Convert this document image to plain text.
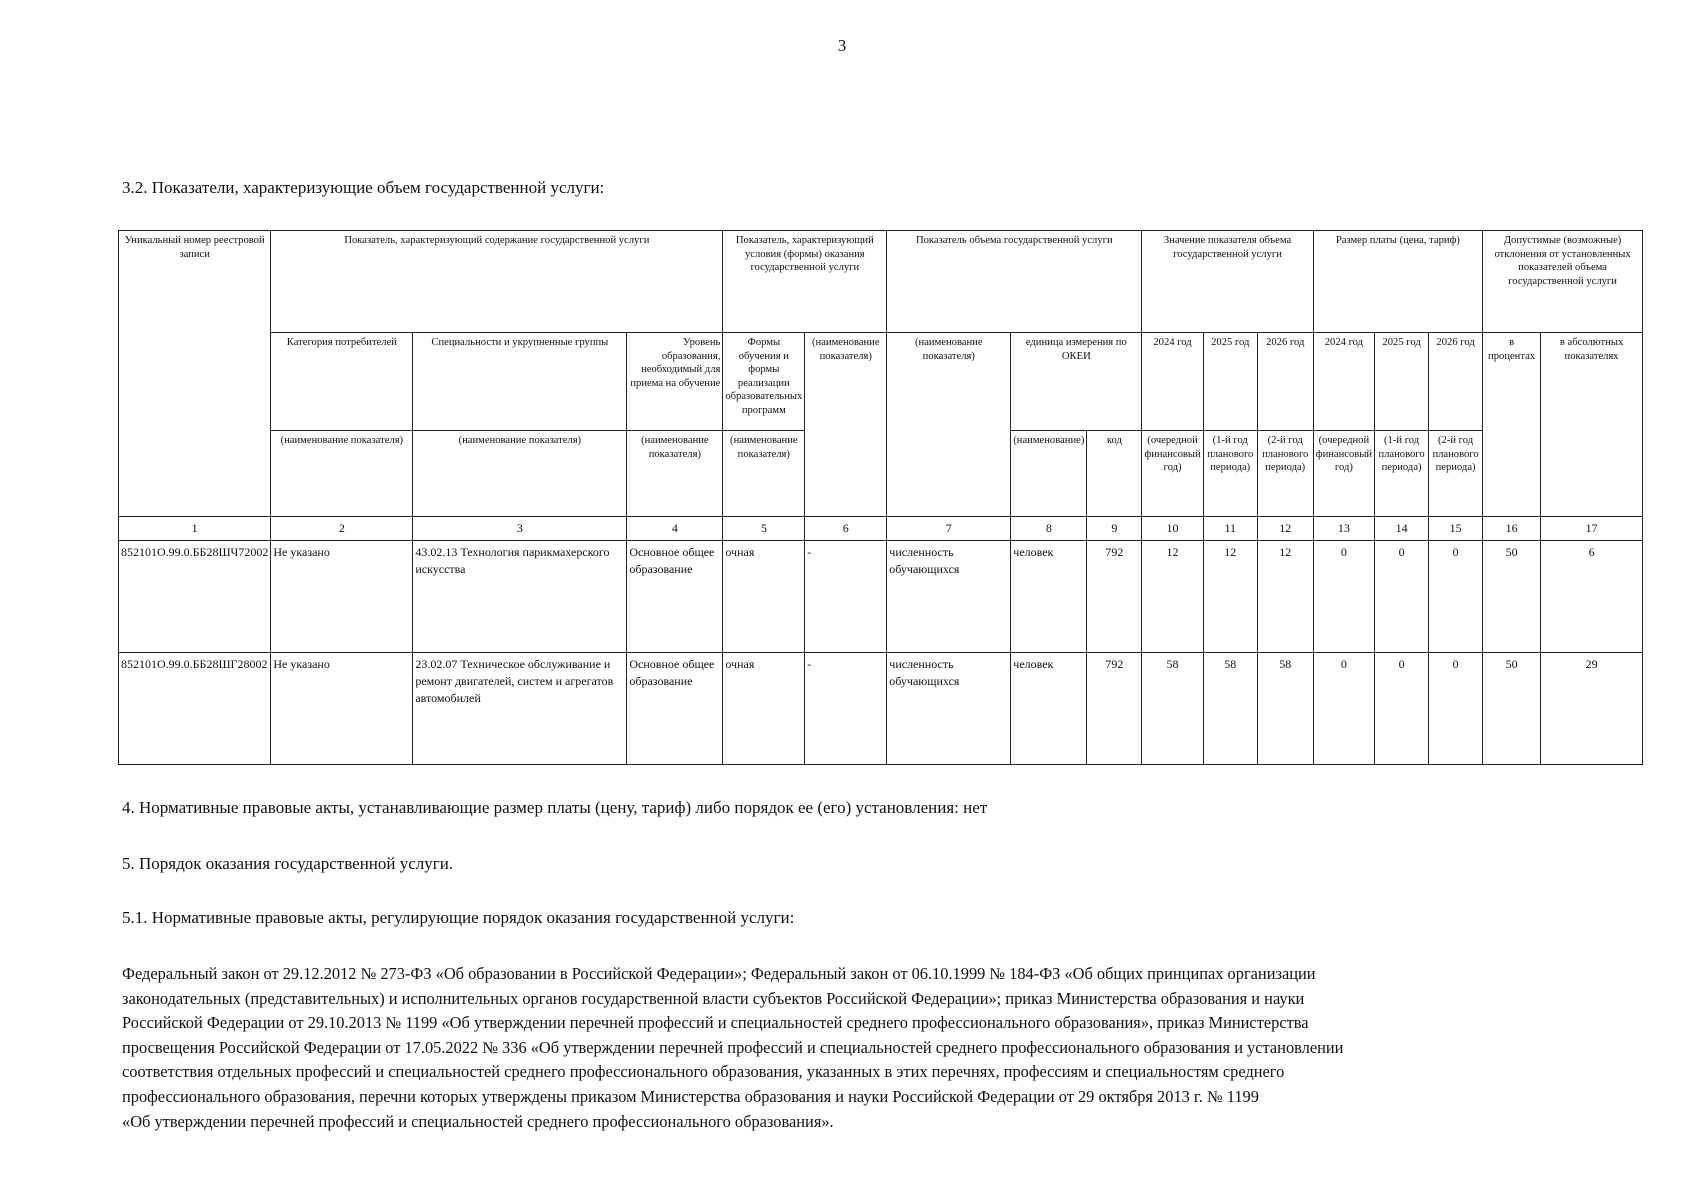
3
3.2. Показатели, характеризующие объем государственной услуги:
Уникальный номер реестровой записи	Показатель, характеризующий содержание государственной услуги			Показатель, характеризующий условия (формы) оказания государственной услуги		Показатель объема государственной услуги			Значение показателя объема государственной услуги			Размер платы (цена, тариф)			Допустимые (возможные) отклонения от установленных показателей объема государственной услуги	
	Категория потребителей	Специальности и укрупненные группы	Уровень образования, необходимый для приема на обучение	Формы обучения и формы реализации образовательных программ	(наименование показателя)	(наименование показателя)	единица измерения по ОКЕИ		2024 год	2025 год	2026 год	2024 год	2025 год	2026 год	в процентах	в абсолютных показателях
	(наименование показателя)	(наименование показателя)	(наименование показателя)	(наименование показателя)			(наименование)	код	(очередной финансовый год)	(1-й год планового периода)	(2-й год планового периода)	(очередной финансовый год)	(1-й год планового периода)	(2-й год планового периода)		
1	2	3	4	5	6	7	8	9	10	11	12	13	14	15	16	17
852101О.99.0.ББ28ШЧ72002	Не указано	43.02.13 Технология парикмахерского искусства	Основное общее образование	очная	-	численность обучающихся	человек	792	12	12	12	0	0	0	50	6
852101О.99.0.ББ28ШГ28002	Не указано	23.02.07 Техническое обслуживание и ремонт двигателей, систем и агрегатов автомобилей	Основное общее образование	очная	-	численность обучающихся	человек	792	58	58	58	0	0	0	50	29
4. Нормативные правовые акты, устанавливающие размер платы (цену, тариф) либо порядок ее (его) установления: нет
5. Порядок оказания государственной услуги.
5.1. Нормативные правовые акты, регулирующие порядок оказания государственной услуги:

Федеральный закон от 29.12.2012 № 273-ФЗ «Об образовании в Российской Федерации»; Федеральный закон от 06.10.1999 № 184-ФЗ «Об общих принципах организации

законодательных (представительных) и исполнительных органов государственной власти субъектов Российской Федерации»; приказ Министерства образования и науки

Российской Федерации от 29.10.2013 № 1199 «Об утверждении перечней профессий и специальностей среднего профессионального образования», приказ Министерства

просвещения Российской Федерации от 17.05.2022 № 336 «Об утверждении перечней профессий и специальностей среднего профессионального образования и установлении

соответствия отдельных профессий и специальностей среднего профессионального образования, указанных в этих перечнях, профессиям и специальностям среднего

профессионального образования, перечни которых утверждены приказом Министерства образования и науки Российской Федерации от 29 октября 2013 г. № 1199

«Об утверждении перечней профессий и специальностей среднего профессионального образования».
